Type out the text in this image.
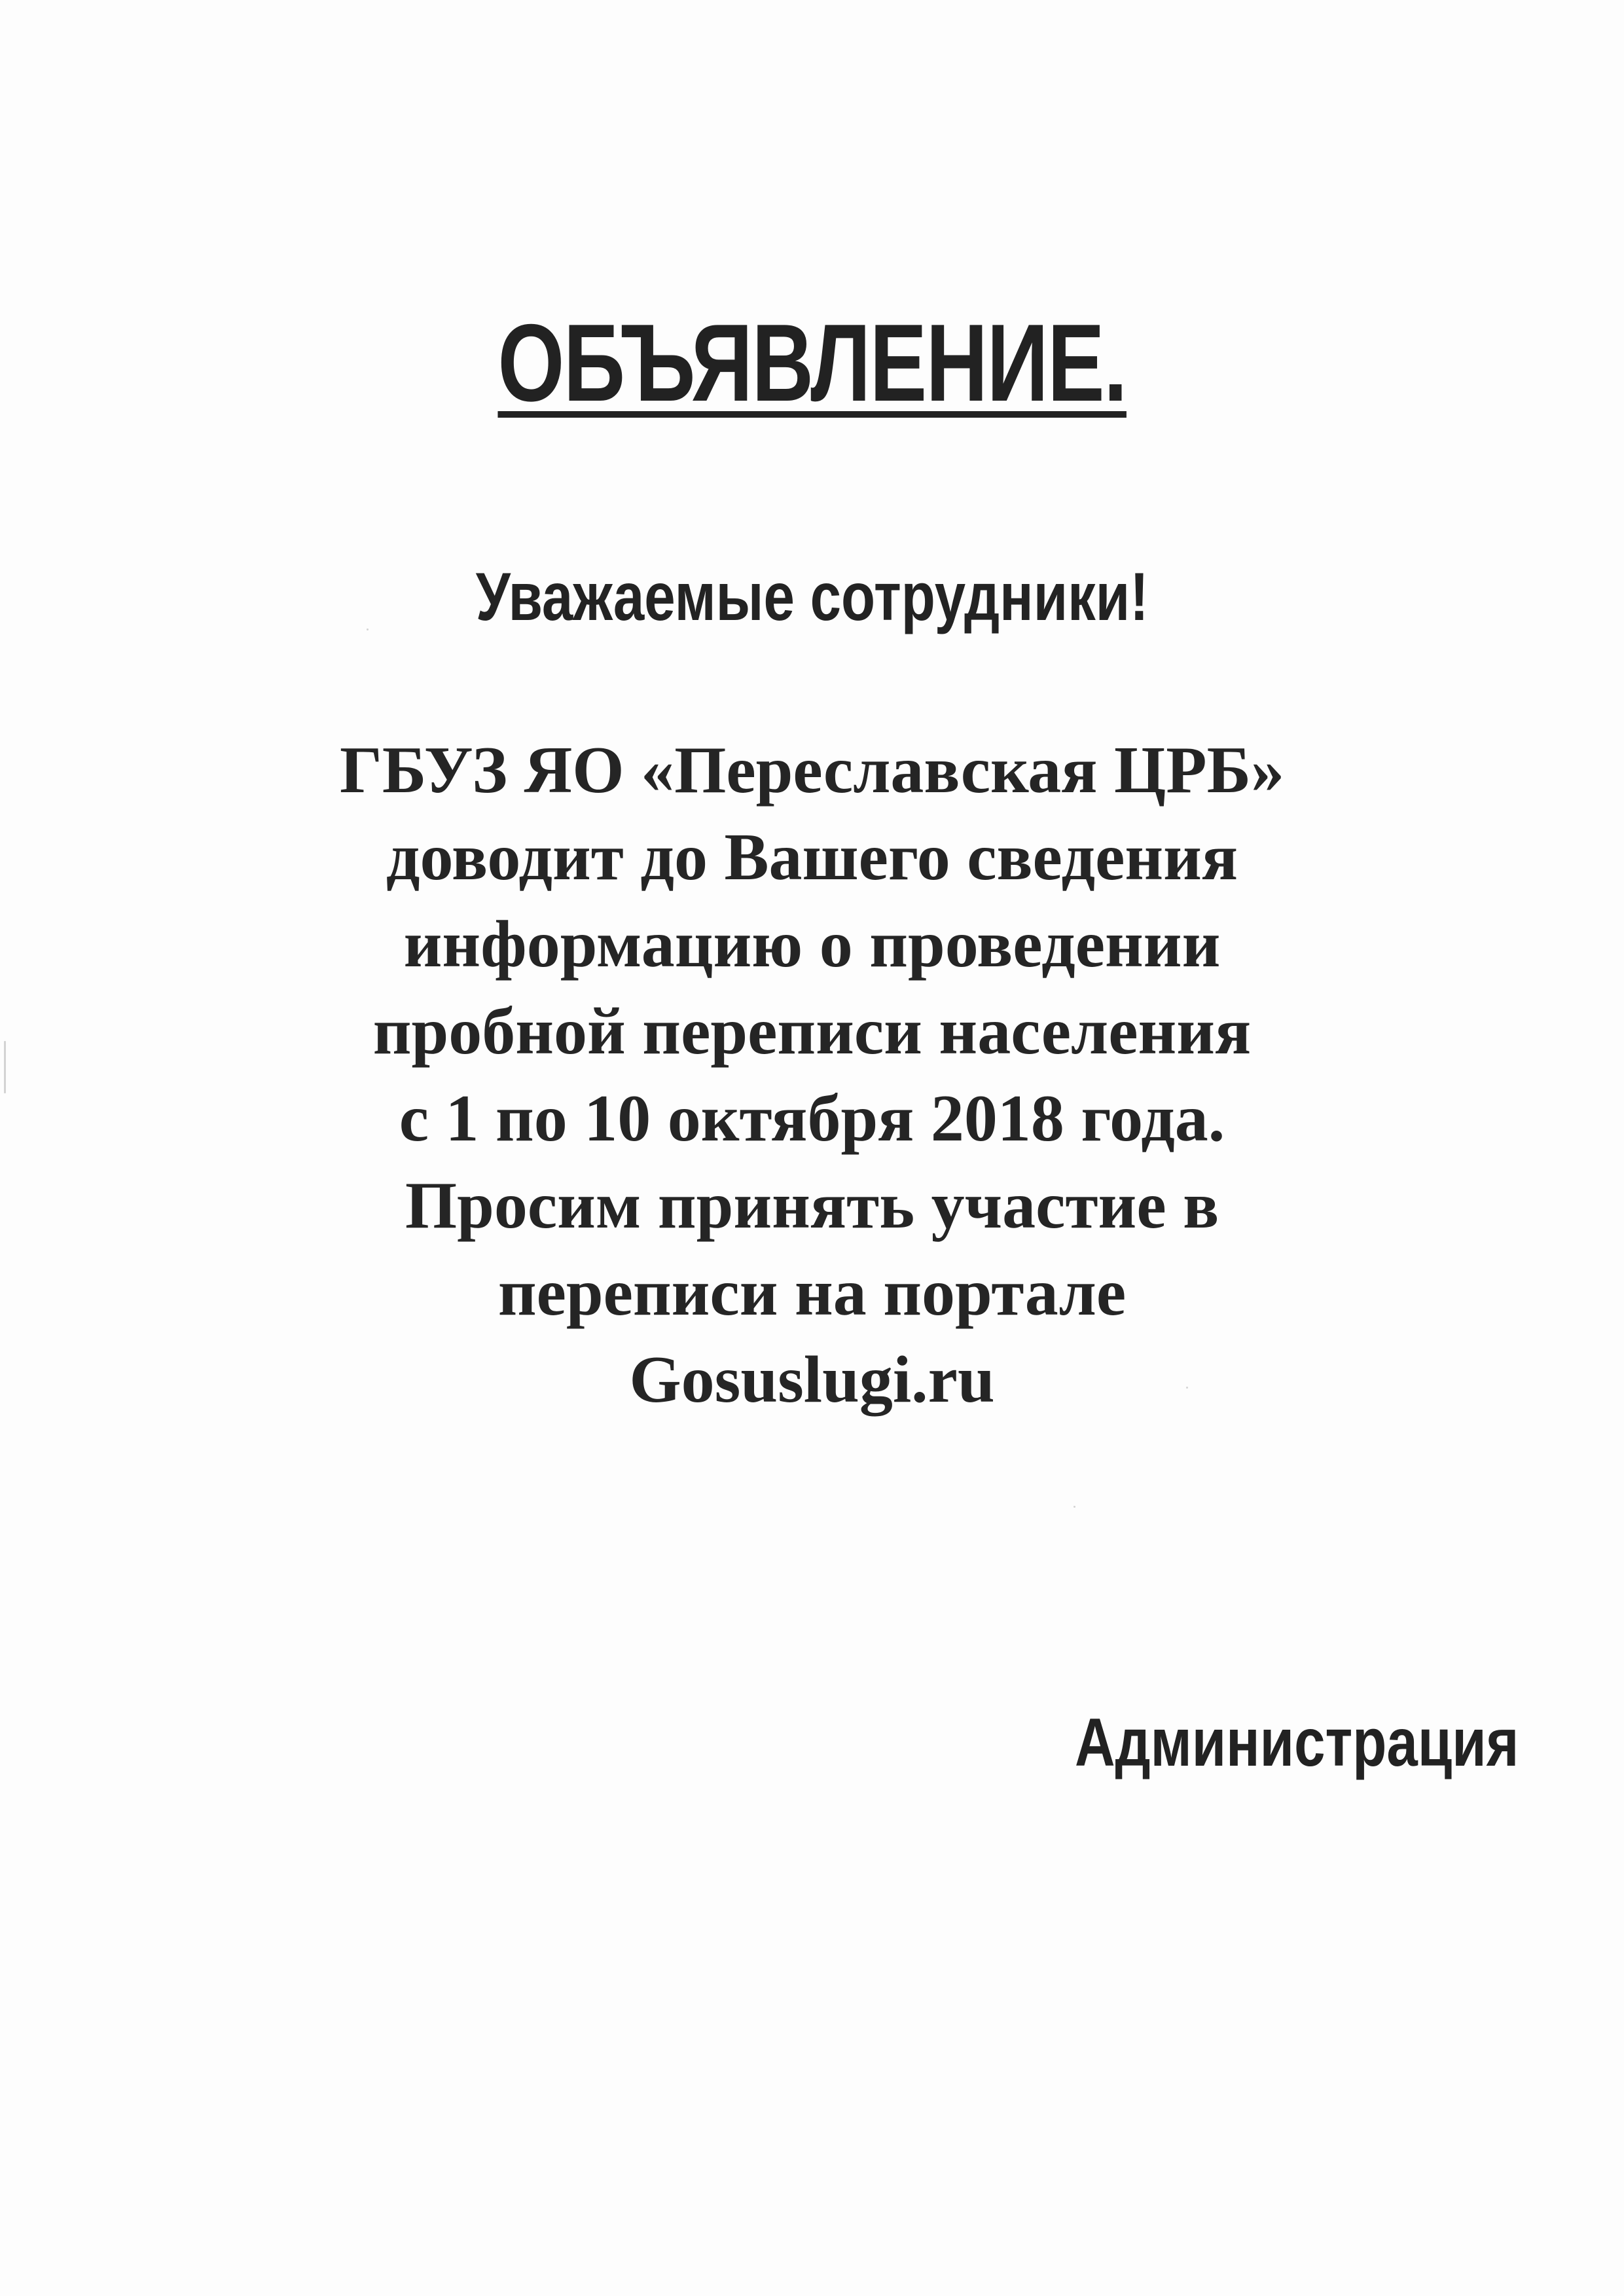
ОБЪЯВЛЕНИЕ.
Уважаемые сотрудники!
ГБУЗ ЯО «Переславская ЦРБ»
доводит до Вашего сведения
информацию о проведении
пробной переписи населения
с 1 по 10 октября 2018 года.
Просим принять участие в
переписи на портале
Gosuslugi.ru
Администрация
